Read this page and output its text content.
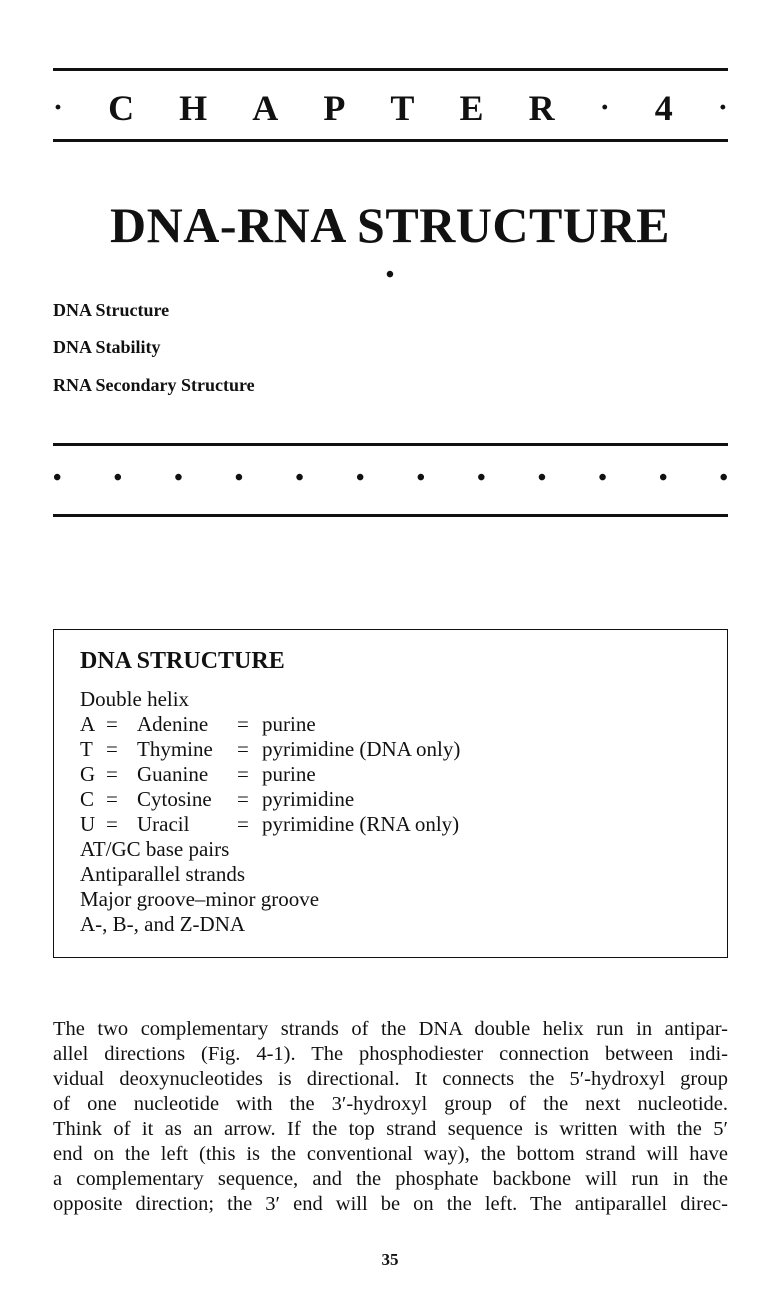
· C H A P T E R · 4 ·
DNA-RNA STRUCTURE
•
DNA Structure
DNA Stability
RNA Secondary Structure
• • • • • • • • • • • •
DNA STRUCTURE
Double helix
A = Adenine = purine
T = Thymine = pyrimidine (DNA only)
G = Guanine = purine
C = Cytosine = pyrimidine
U = Uracil = pyrimidine (RNA only)
AT/GC base pairs
Antiparallel strands
Major groove–minor groove
A-, B-, and Z-DNA
The two complementary strands of the DNA double helix run in antipar-
allel directions (Fig. 4-1). The phosphodiester connection between indi-
vidual deoxynucleotides is directional. It connects the 5′-hydroxyl group
of one nucleotide with the 3′-hydroxyl group of the next nucleotide.
Think of it as an arrow. If the top strand sequence is written with the 5′
end on the left (this is the conventional way), the bottom strand will have
a complementary sequence, and the phosphate backbone will run in the
opposite direction; the 3′ end will be on the left. The antiparallel direc-
35
